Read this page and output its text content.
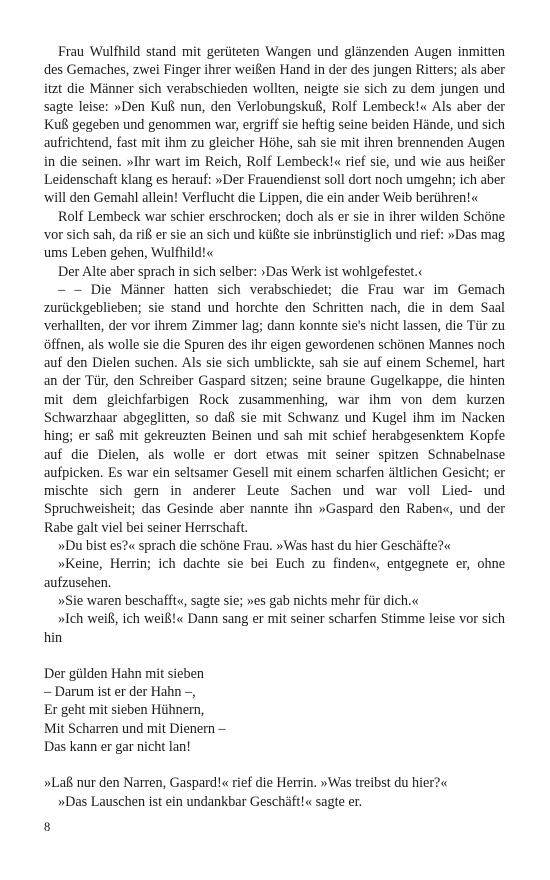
Frau Wulfhild stand mit gerüteten Wangen und glänzenden Augen inmitten des Gemaches, zwei Finger ihrer weißen Hand in der des jungen Ritters; als aber itzt die Männer sich verabschieden wollten, neigte sie sich zu dem jungen und sagte leise: »Den Kuß nun, den Verlobungskuß, Rolf Lembeck!« Als aber der Kuß gegeben und genommen war, ergriff sie heftig seine beiden Hände, und sich aufrichtend, fast mit ihm zu gleicher Höhe, sah sie mit ihren brennenden Augen in die seinen. »Ihr wart im Reich, Rolf Lembeck!« rief sie, und wie aus heißer Leidenschaft klang es herauf: »Der Frauendienst soll dort noch umgehn; ich aber will den Gemahl allein! Verflucht die Lippen, die ein ander Weib berühren!«

Rolf Lembeck war schier erschrocken; doch als er sie in ihrer wilden Schöne vor sich sah, da riß er sie an sich und küßte sie inbrünstiglich und rief: »Das mag ums Leben gehen, Wulfhild!«

Der Alte aber sprach in sich selber: ›Das Werk ist wohlgefestet.‹

– – Die Männer hatten sich verabschiedet; die Frau war im Gemach zurückgeblieben; sie stand und horchte den Schritten nach, die in dem Saal verhallten, der vor ihrem Zimmer lag; dann konnte sie's nicht lassen, die Tür zu öffnen, als wolle sie die Spuren des ihr eigen gewordenen schönen Mannes noch auf den Dielen suchen. Als sie sich umblickte, sah sie auf einem Schemel, hart an der Tür, den Schreiber Gaspard sitzen; seine braune Gugelkappe, die hinten mit dem gleichfarbigen Rock zusammenhing, war ihm von dem kurzen Schwarzhaar abgeglitten, so daß sie mit Schwanz und Kugel ihm im Nacken hing; er saß mit gekreuzten Beinen und sah mit schief herabgesenktem Kopfe auf die Dielen, als wolle er dort etwas mit seiner spitzen Schnabelnase aufpicken. Es war ein seltsamer Gesell mit einem scharfen ältlichen Gesicht; er mischte sich gern in anderer Leute Sachen und war voll Lied- und Spruchweisheit; das Gesinde aber nannte ihn »Gaspard den Raben«, und der Rabe galt viel bei seiner Herrschaft.

»Du bist es?« sprach die schöne Frau. »Was hast du hier Geschäfte?«

»Keine, Herrin; ich dachte sie bei Euch zu finden«, entgegnete er, ohne aufzusehen.

»Sie waren beschafft«, sagte sie; »es gab nichts mehr für dich.«

»Ich weiß, ich weiß!« Dann sang er mit seiner scharfen Stimme leise vor sich hin

Der gülden Hahn mit sieben
– Darum ist er der Hahn –,
Er geht mit sieben Hühnern,
Mit Scharren und mit Dienern –
Das kann er gar nicht lan!

»Laß nur den Narren, Gaspard!« rief die Herrin. »Was treibst du hier?«

»Das Lauschen ist ein undankbar Geschäft!« sagte er.

8
